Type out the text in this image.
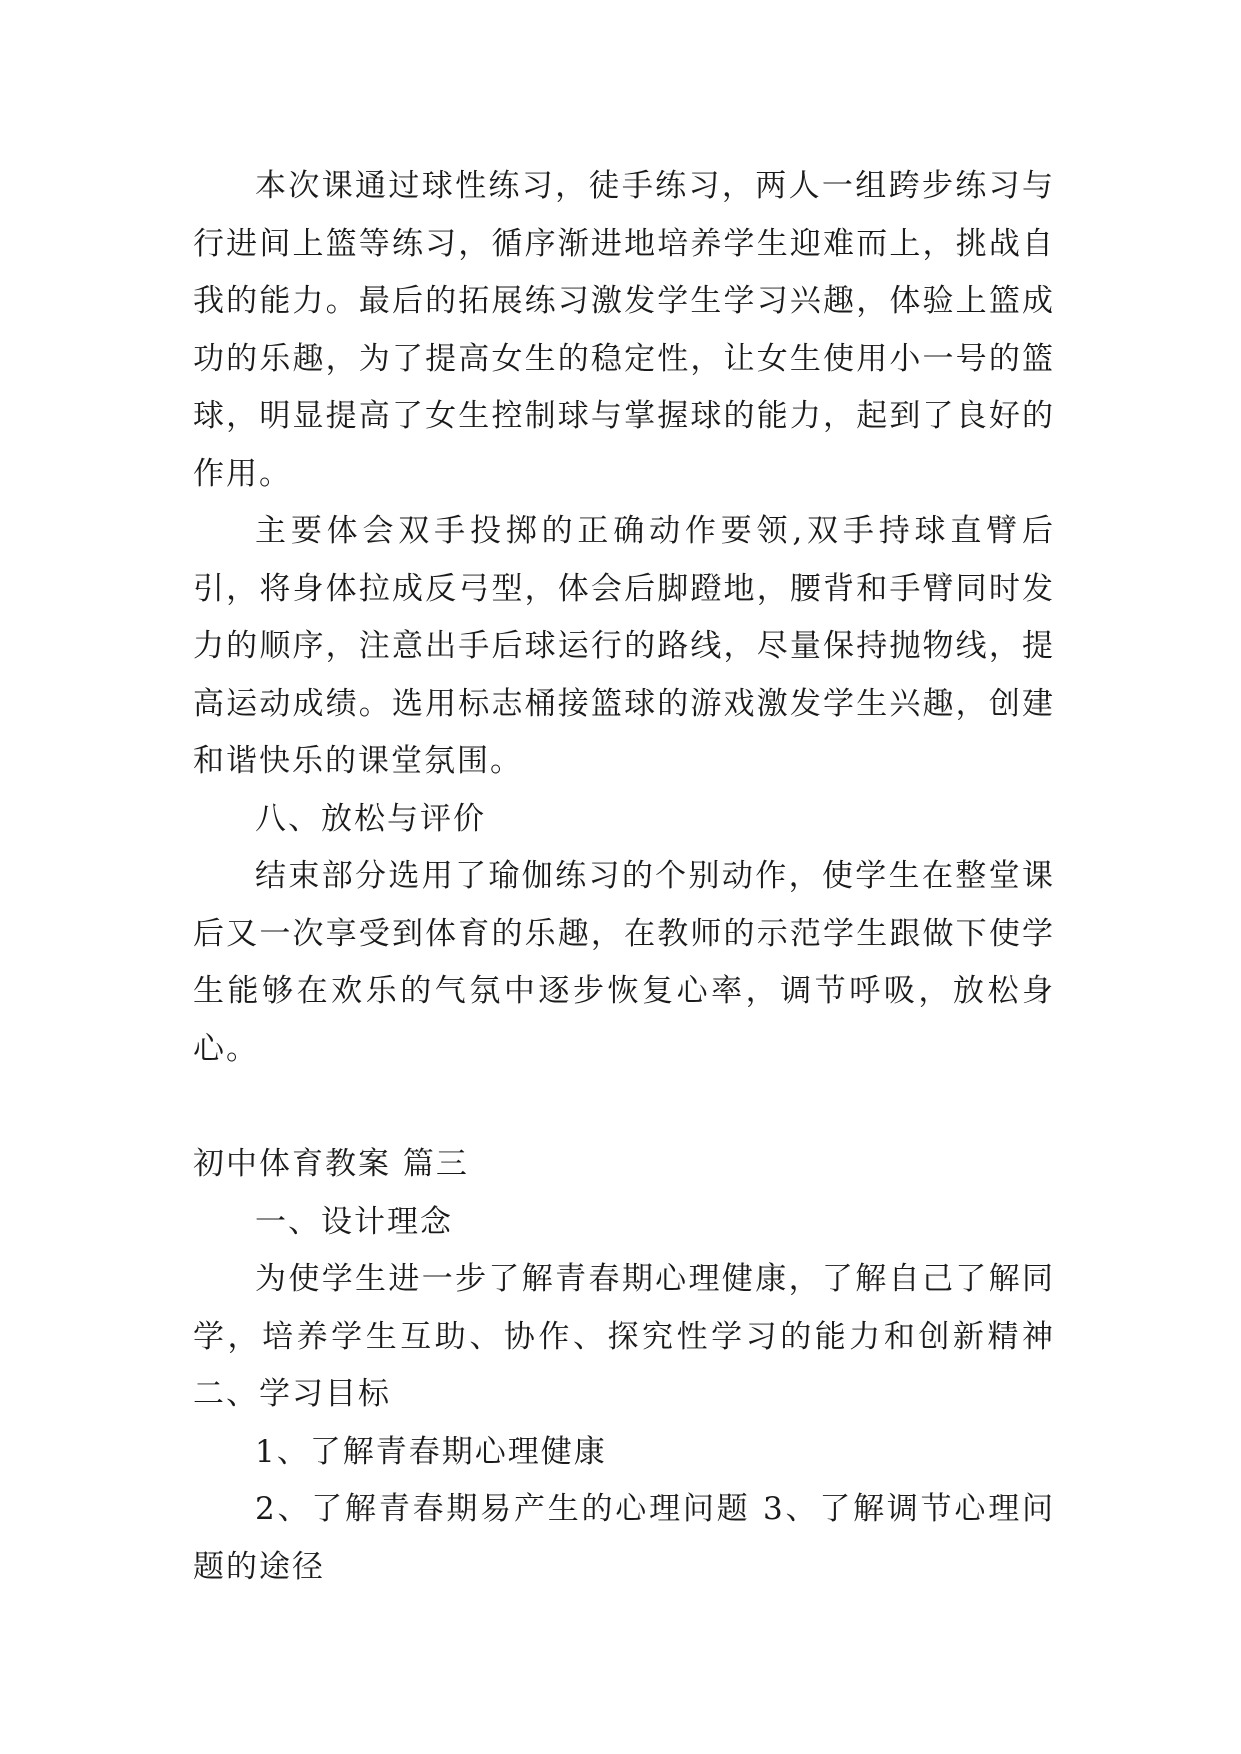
本次课通过球性练习，徒手练习，两人一组跨步练习与行进间上篮等练习，循序渐进地培养学生迎难而上，挑战自我的能力。最后的拓展练习激发学生学习兴趣，体验上篮成功的乐趣，为了提高女生的稳定性，让女生使用小一号的篮球，明显提高了女生控制球与掌握球的能力，起到了良好的作用。

主要体会双手投掷的正确动作要领,双手持球直臂后引，将身体拉成反弓型，体会后脚蹬地，腰背和手臂同时发力的顺序，注意出手后球运行的路线，尽量保持抛物线，提高运动成绩。选用标志桶接篮球的游戏激发学生兴趣，创建和谐快乐的课堂氛围。

八、放松与评价

结束部分选用了瑜伽练习的个别动作，使学生在整堂课后又一次享受到体育的乐趣，在教师的示范学生跟做下使学生能够在欢乐的气氛中逐步恢复心率，调节呼吸，放松身心。

初中体育教案 篇三

一、设计理念

为使学生进一步了解青春期心理健康，了解自己了解同学，培养学生互助、协作、探究性学习的能力和创新精神二、学习目标

1、了解青春期心理健康

2、了解青春期易产生的心理问题 3、了解调节心理问题的途径
